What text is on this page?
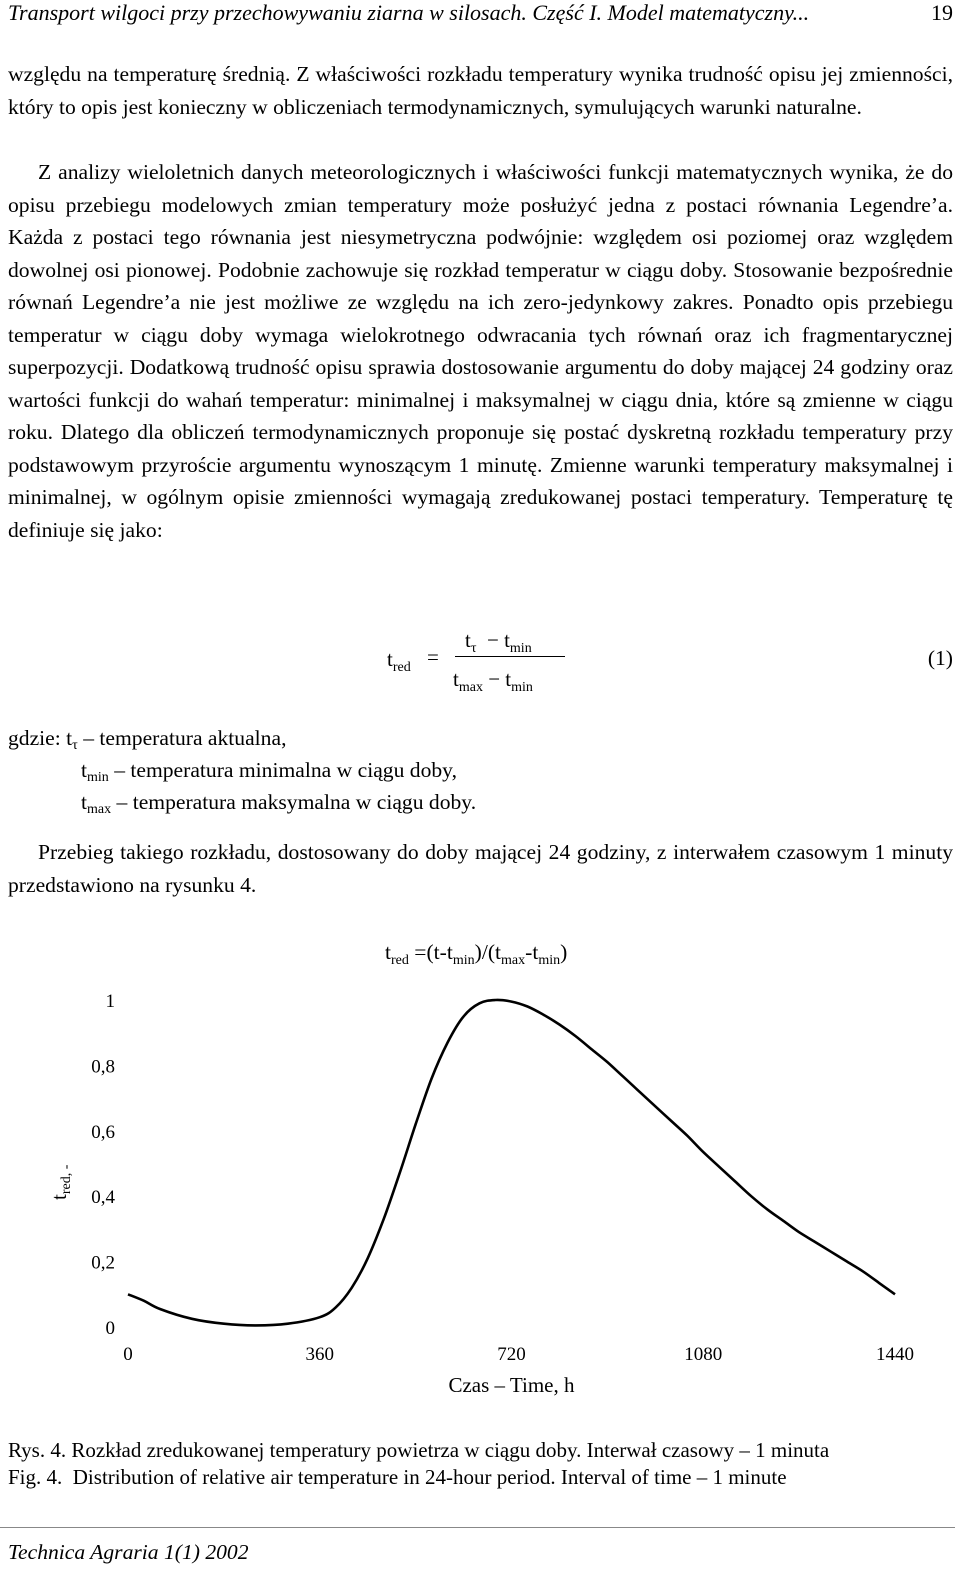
Transport wilgoci przy przechowywaniu ziarna w silosach. Część I. Model matematyczny...	19
względu na temperaturę średnią. Z właściwości rozkładu temperatury wynika trudność opisu jej zmienności, który to opis jest konieczny w obliczeniach termodynamicznych, symulujących warunki naturalne.
Z analizy wieloletnich danych meteorologicznych i właściwości funkcji matematycznych wynika, że do opisu przebiegu modelowych zmian temperatury może posłużyć jedna z postaci równania Legendre’a. Każda z postaci tego równania jest niesymetryczna podwójnie: względem osi poziomej oraz względem dowolnej osi pionowej. Podobnie zachowuje się rozkład temperatur w ciągu doby. Stosowanie bezpośrednie równań Legendre’a nie jest możliwe ze względu na ich zero-jedynkowy zakres. Ponadto opis przebiegu temperatur w ciągu doby wymaga wielokrotnego odwracania tych równań oraz ich fragmentarycznej superpozycji. Dodatkową trudność opisu sprawia dostosowanie argumentu do doby mającej 24 godziny oraz wartości funkcji do wahań temperatur: minimalnej i maksymalnej w ciągu dnia, które są zmienne w ciągu roku. Dlatego dla obliczeń termodynamicznych proponuje się postać dyskretną rozkładu temperatury przy podstawowym przyroście argumentu wynoszącym 1 minutę. Zmienne warunki temperatury maksymalnej i minimalnej, w ogólnym opisie zmienności wymagają zredukowanej postaci temperatury. Temperaturę tę definiuje się jako:
$t_{red}$ =
$t_\tau - t_{min}$
$t_{max} - t_{min}$
(1)
gdzie: tτ – temperatura aktualna,
tmin – temperatura minimalna w ciągu doby,
tmax – temperatura maksymalna w ciągu doby.
Przebieg takiego rozkładu, dostosowany do doby mającej 24 godziny, z interwałem czasowym 1 minuty przedstawiono na rysunku 4.
$t_{red} =(t-t_{min})/(t_{max}-t_{min})$
tred, -
0
0,2
0,4
0,6
0,8
1
0	360	720	1080	1440
Czas – Time, h
Rys. 4. Rozkład zredukowanej temperatury powietrza w ciągu doby. Interwał czasowy – 1 minuta
Fig. 4. Distribution of relative air temperature in 24-hour period. Interval of time – 1 minute
Technica Agraria 1(1) 2002
